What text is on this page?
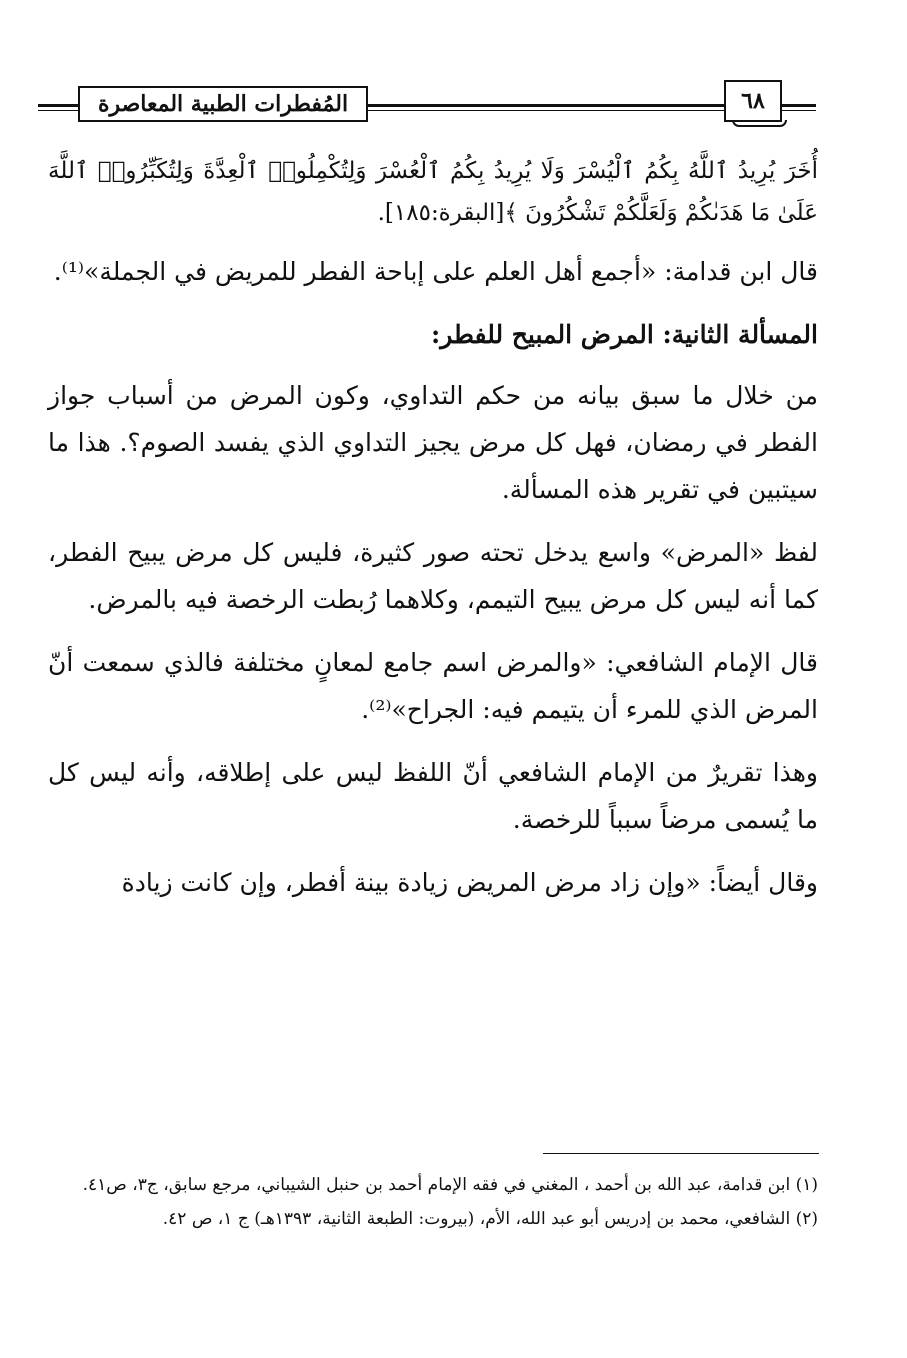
المُفطرات الطبية المعاصرة	٦٨

أُخَرَ يُرِيدُ ٱللَّهُ بِكُمُ ٱلْيُسْرَ وَلَا يُرِيدُ بِكُمُ ٱلْعُسْرَ وَلِتُكْمِلُوا۟ ٱلْعِدَّةَ وَلِتُكَبِّرُوا۟ ٱللَّهَ عَلَىٰ مَا هَدَىٰكُمْ وَلَعَلَّكُمْ تَشْكُرُونَ ﴾[البقرة:١٨٥].

قال ابن قدامة: «أجمع أهل العلم على إباحة الفطر للمريض في الجملة»⁽¹⁾.

المسألة الثانية: المرض المبيح للفطر:

من خلال ما سبق بيانه من حكم التداوي، وكون المرض من أسباب جواز الفطر في رمضان، فهل كل مرض يجيز التداوي الذي يفسد الصوم؟. هذا ما سيتبين في تقرير هذه المسألة.

لفظ «المرض» واسع يدخل تحته صور كثيرة، فليس كل مرض يبيح الفطر، كما أنه ليس كل مرض يبيح التيمم، وكلاهما رُبطت الرخصة فيه بالمرض.

قال الإمام الشافعي: «والمرض اسم جامع لمعانٍ مختلفة فالذي سمعت أنّ المرض الذي للمرء أن يتيمم فيه: الجراح»⁽²⁾.

وهذا تقريرٌ من الإمام الشافعي أنّ اللفظ ليس على إطلاقه، وأنه ليس كل ما يُسمى مرضاً سبباً للرخصة.

وقال أيضاً: «وإن زاد مرض المريض زيادة بينة أفطر، وإن كانت زيادة

(١) ابن قدامة، عبد الله بن أحمد ، المغني في فقه الإمام أحمد بن حنبل الشيباني، مرجع سابق، ج٣، ص٤١.

(٢) الشافعي، محمد بن إدريس أبو عبد الله، الأم، (بيروت: الطبعة الثانية، ١٣٩٣هـ) ج ١، ص ٤٢.
